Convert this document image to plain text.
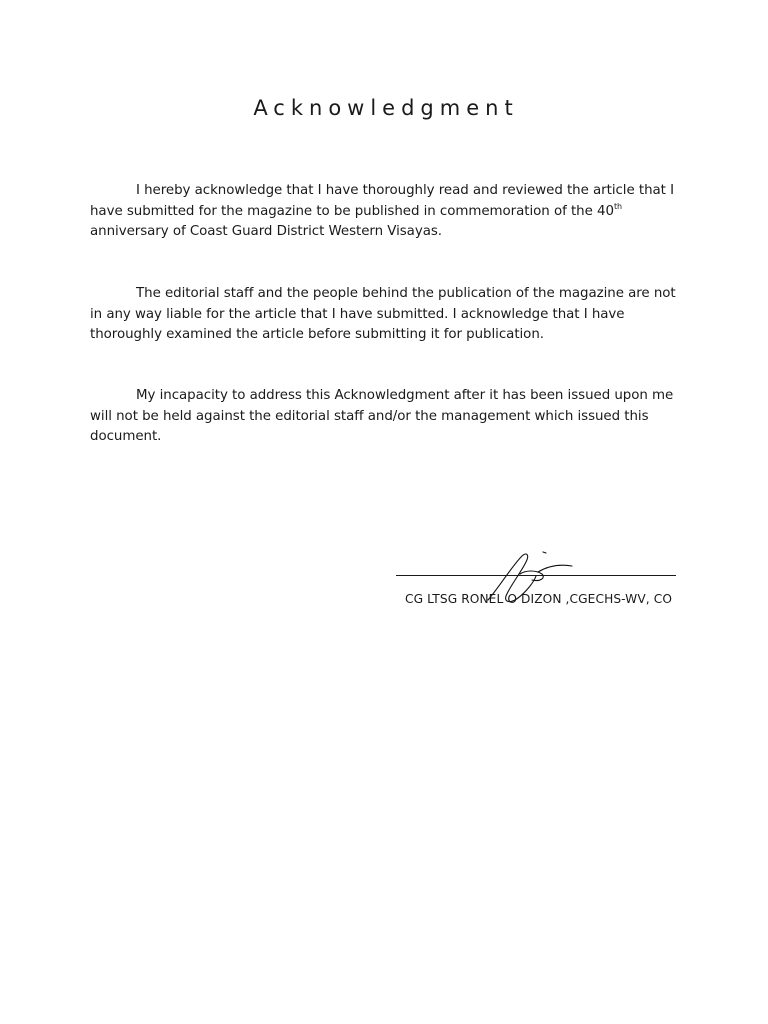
Acknowledgment

I hereby acknowledge that I have thoroughly read and reviewed the article that I have submitted for the magazine to be published in commemoration of the 40th anniversary of Coast Guard District Western Visayas.

The editorial staff and the people behind the publication of the magazine are not in any way liable for the article that I have submitted. I acknowledge that I have thoroughly examined the article before submitting it for publication.

My incapacity to address this Acknowledgment after it has been issued upon me will not be held against the editorial staff and/or the management which issued this document.

CG LTSG RONEL O DIZON ,CGECHS-WV, CO
